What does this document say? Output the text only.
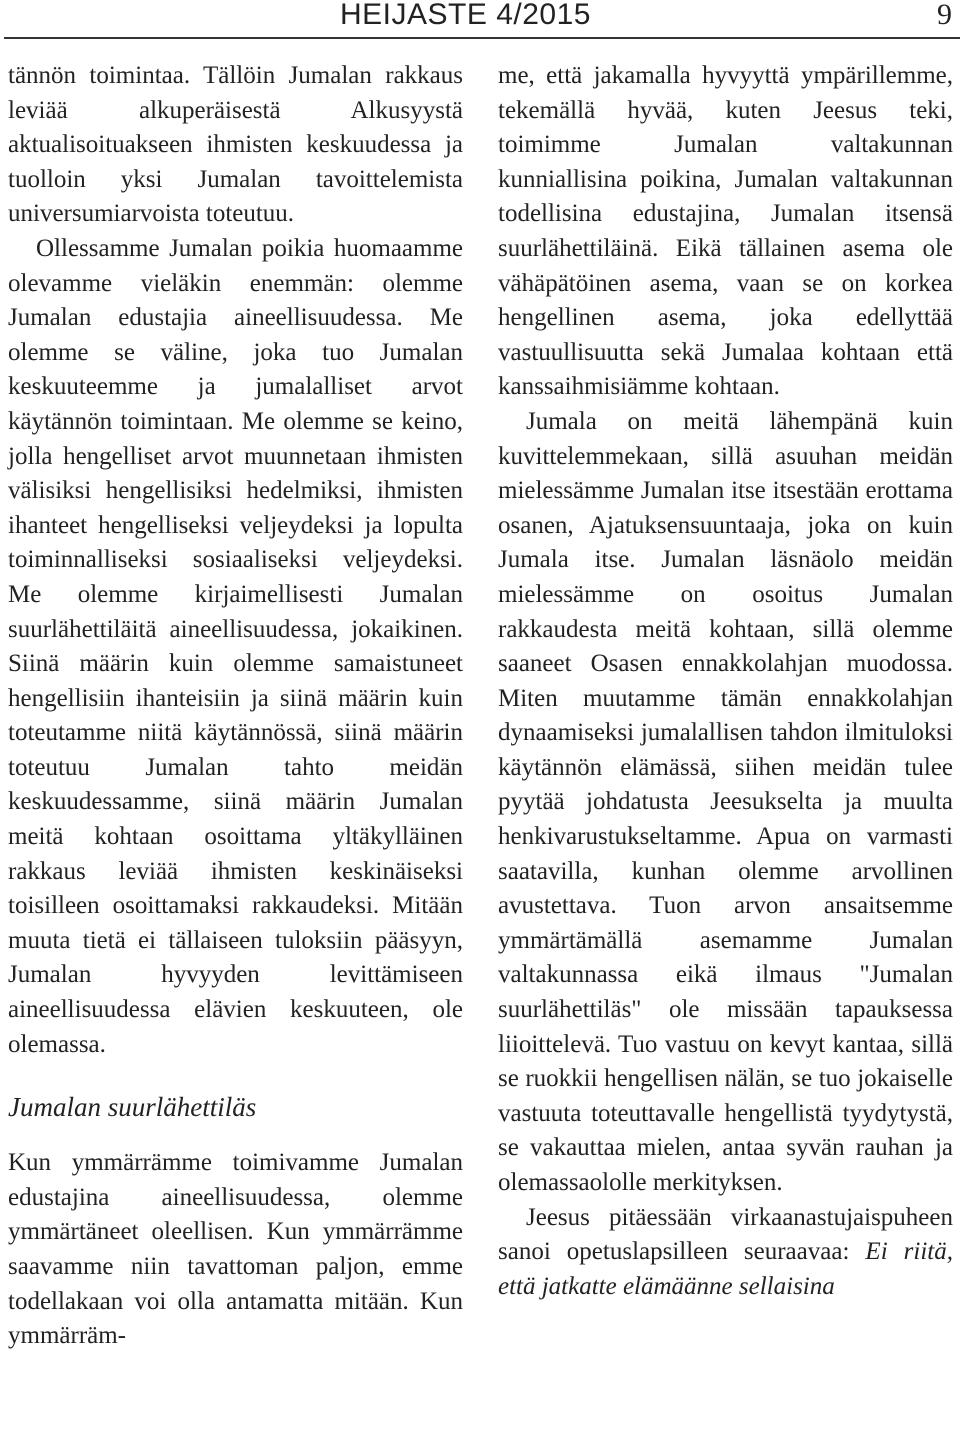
HEIJASTE 4/2015	9

tännön toimintaa. Tällöin Jumalan rakkaus leviää alkuperäisestä Alkusyystä aktualisoituakseen ihmisten keskuudessa ja tuolloin yksi Jumalan tavoittelemista universumiarvoista toteutuu.

Ollessamme Jumalan poikia huomaamme olevamme vieläkin enemmän: olemme Jumalan edustajia aineellisuudessa. Me olemme se väline, joka tuo Jumalan keskuuteemme ja jumalalliset arvot käytännön toimintaan. Me olemme se keino, jolla hengelliset arvot muunnetaan ihmisten välisiksi hengellisiksi hedelmiksi, ihmisten ihanteet hengelliseksi veljeydeksi ja lopulta toiminnalliseksi sosiaaliseksi veljeydeksi. Me olemme kirjaimellisesti Jumalan suurlähettiläitä aineellisuudessa, jokaikinen. Siinä määrin kuin olemme samaistuneet hengellisiin ihanteisiin ja siinä määrin kuin toteutamme niitä käytännössä, siinä määrin toteutuu Jumalan tahto meidän keskuudessamme, siinä määrin Jumalan meitä kohtaan osoittama yltäkylläinen rakkaus leviää ihmisten keskinäiseksi toisilleen osoittamaksi rakkaudeksi. Mitään muuta tietä ei tällaiseen tuloksiin pääsyyn, Jumalan hyvyyden levittämiseen aineellisuudessa elävien keskuuteen, ole olemassa.

Jumalan suurlähettiläs

Kun ymmärrämme toimivamme Jumalan edustajina aineellisuudessa, olemme ymmärtäneet oleellisen. Kun ymmärrämme saavamme niin tavattoman paljon, emme todellakaan voi olla antamatta mitään. Kun ymmärräm-

me, että jakamalla hyvyyttä ympärillemme, tekemällä hyvää, kuten Jeesus teki, toimimme Jumalan valtakunnan kunniallisina poikina, Jumalan valtakunnan todellisina edustajina, Jumalan itsensä suurlähettiläinä. Eikä tällainen asema ole vähäpätöinen asema, vaan se on korkea hengellinen asema, joka edellyttää vastuullisuutta sekä Jumalaa kohtaan että kanssaihmisiämme kohtaan.

Jumala on meitä lähempänä kuin kuvittelemmekaan, sillä asuuhan meidän mielessämme Jumalan itse itsestään erottama osanen, Ajatuksensuuntaaja, joka on kuin Jumala itse. Jumalan läsnäolo meidän mielessämme on osoitus Jumalan rakkaudesta meitä kohtaan, sillä olemme saaneet Osasen ennakkolahjan muodossa. Miten muutamme tämän ennakkolahjan dynaamiseksi jumalallisen tahdon ilmituloksi käytännön elämässä, siihen meidän tulee pyytää johdatusta Jeesukselta ja muulta henkivarustukseltamme. Apua on varmasti saatavilla, kunhan olemme arvollinen avustettava. Tuon arvon ansaitsemme ymmärtämällä asemamme Jumalan valtakunnassa eikä ilmaus "Jumalan suurlähettiläs" ole missään tapauksessa liioittelevä. Tuo vastuu on kevyt kantaa, sillä se ruokkii hengellisen nälän, se tuo jokaiselle vastuuta toteuttavalle hengellistä tyydytystä, se vakauttaa mielen, antaa syvän rauhan ja olemassaololle merkityksen.

Jeesus pitäessään virkaanastujaispuheen sanoi opetuslapsilleen seuraavaa: Ei riitä, että jatkatte elämäänne sellaisina
